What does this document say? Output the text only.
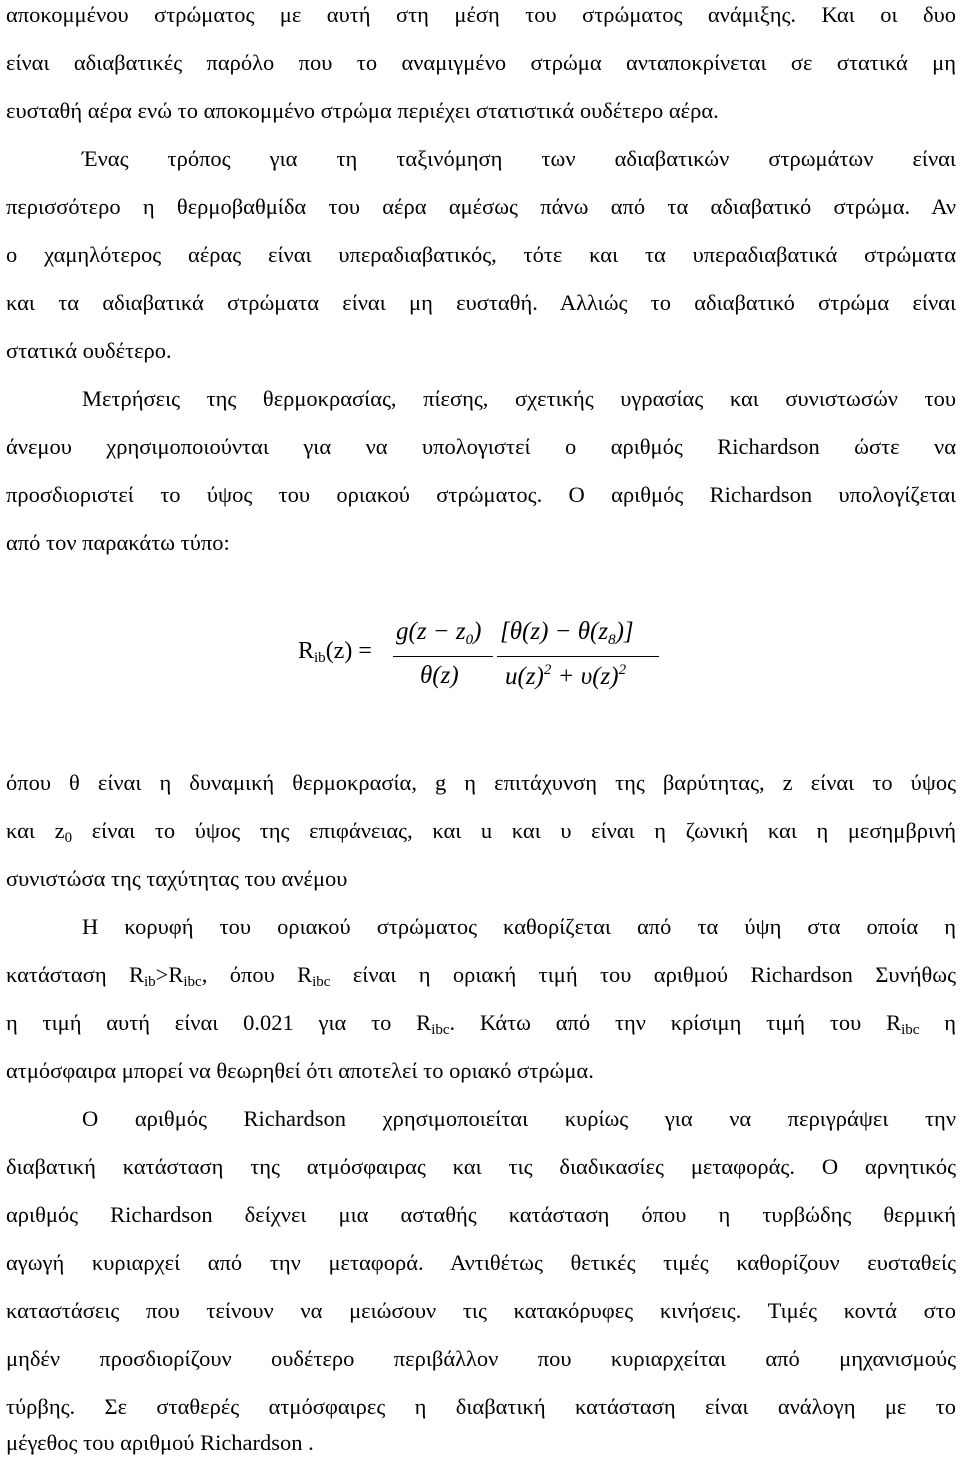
αποκομμένου στρώματος με αυτή στη μέση του στρώματος ανάμιξης. Και οι δυο
είναι αδιαβατικές παρόλο που το αναμιγμένο στρώμα ανταποκρίνεται σε στατικά μη
ευσταθή αέρα ενώ το αποκομμένο στρώμα περιέχει στατιστικά ουδέτερο αέρα.
Ένας τρόπος για τη ταξινόμηση των αδιαβατικών στρωμάτων είναι
περισσότερο η θερμοβαθμίδα του αέρα αμέσως πάνω από τα αδιαβατικό στρώμα. Αν
ο χαμηλότερος αέρας είναι υπεραδιαβατικός, τότε και τα υπεραδιαβατικά στρώματα
και τα αδιαβατικά στρώματα είναι μη ευσταθή. Αλλιώς το αδιαβατικό στρώμα είναι
στατικά ουδέτερο.
Μετρήσεις της θερμοκρασίας, πίεσης, σχετικής υγρασίας και συνιστωσών του
άνεμου χρησιμοποιούνται για να υπολογιστεί ο αριθμός Richardson ώστε να
προσδιοριστεί το ύψος του οριακού στρώματος. Ο αριθμός Richardson υπολογίζεται
από τον παρακάτω τύπο:
$R_{ib}(z)$ =
$g(z - z_0)$ $[\theta(z) - \theta(z_8)]$
θ(z) $u(z)^2 + \upsilon(z)^2$
όπου θ είναι η δυναμική θερμοκρασία, g η επιτάχυνση της βαρύτητας, z είναι το ύψος
και $z_0$ είναι το ύψος της επιφάνειας, και u και υ είναι η ζωνική και η μεσημβρινή
συνιστώσα της ταχύτητας του ανέμου
Η κορυφή του οριακού στρώματος καθορίζεται από τα ύψη στα οποία η
κατάσταση $R_{ib}>R_{ibc}$, όπου $R_{ibc}$ είναι η οριακή τιμή του αριθμού Richardson Συνήθως
η τιμή αυτή είναι 0.021 για το $R_{ibc}$. Κάτω από την κρίσιμη τιμή του $R_{ibc}$ η
ατμόσφαιρα μπορεί να θεωρηθεί ότι αποτελεί το οριακό στρώμα.
Ο αριθμός Richardson χρησιμοποιείται κυρίως για να περιγράψει την
διαβατική κατάσταση της ατμόσφαιρας και τις διαδικασίες μεταφοράς. Ο αρνητικός
αριθμός Richardson δείχνει μια ασταθής κατάσταση όπου η τυρβώδης θερμική
αγωγή κυριαρχεί από την μεταφορά. Αντιθέτως θετικές τιμές καθορίζουν ευσταθείς
καταστάσεις που τείνουν να μειώσουν τις κατακόρυφες κινήσεις. Τιμές κοντά στο
μηδέν προσδιορίζουν ουδέτερο περιβάλλον που κυριαρχείται από μηχανισμούς
τύρβης. Σε σταθερές ατμόσφαιρες η διαβατική κατάσταση είναι ανάλογη με το
μέγεθος του αριθμού Richardson .
